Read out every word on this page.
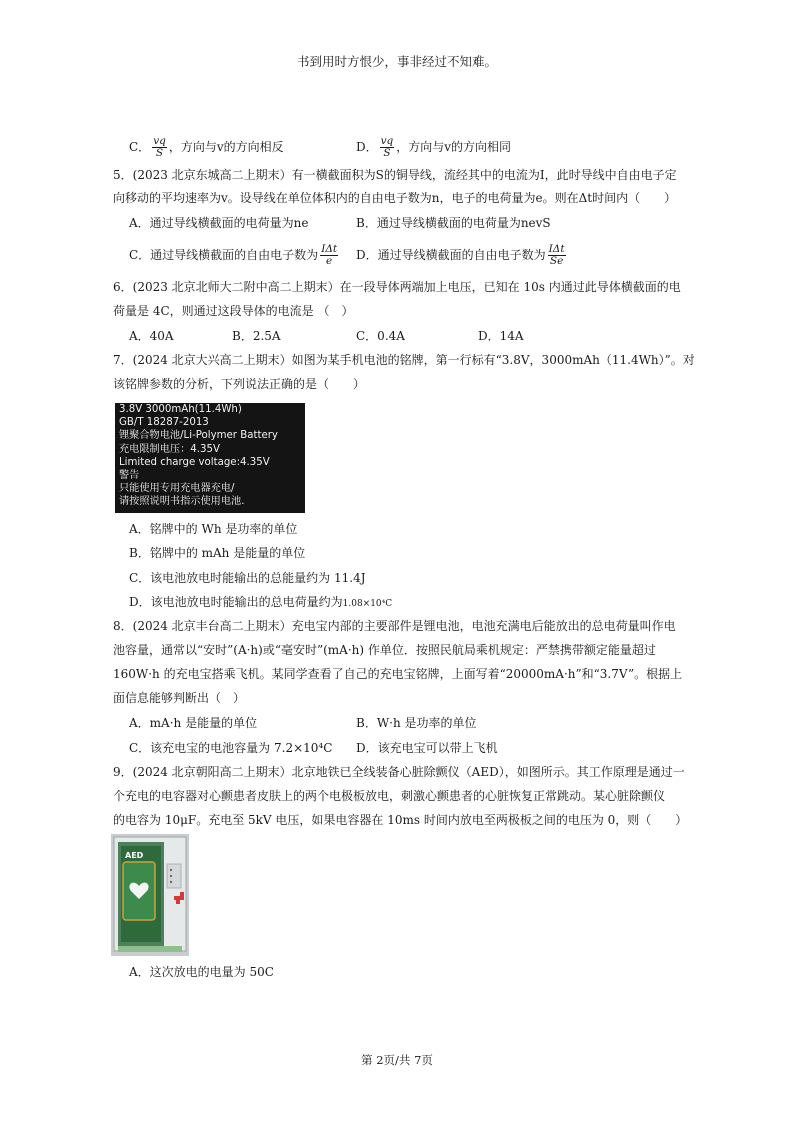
书到用时方恨少，事非经过不知难。
C． $\frac{vq}{S}$ ，方向与v的方向相反	D． $\frac{vq}{S}$ ，方向与v的方向相同
5．(2023 北京东城高二上期末）有一横截面积为S的铜导线，流经其中的电流为I，此时导线中自由电子定
向移动的平均速率为v。设导线在单位体积内的自由电子数为n，电子的电荷量为e。则在Δt时间内（　　）
A．通过导线横截面的电荷量为ne	B．通过导线横截面的电荷量为nevS
C．通过导线横截面的自由电子数为 $\frac{\text{IΔt}}{e}$ D．通过导线横截面的自由电子数为 $\frac{\text{IΔt}}{Se}$
6．(2023 北京北师大二附中高二上期末）在一段导体两端加上电压，已知在 10s 内通过此导体横截面的电
荷量是 4C，则通过这段导体的电流是 （　）
A．40A	B．2.5A	C．0.4A	D．14A
7．(2024 北京大兴高二上期末）如图为某手机电池的铭牌，第一行标有“3.8V，3000mAh（11.4Wh）”。对
该铭牌参数的分析，下列说法正确的是（　　）
3.8V 3000mAh(11.4Wh)
GB/T 18287-2013
锂聚合物电池/Li-Polymer Battery
充电限制电压：4.35V
Limited charge voltage:4.35V
警告
只能使用专用充电器充电/
请按照说明书指示使用电池.
A．铭牌中的 Wh 是功率的单位
B．铭牌中的 mAh 是能量的单位
C．该电池放电时能输出的总能量约为 11.4J
D．该电池放电时能输出的总电荷量约为1.08×10⁴C
8．(2024 北京丰台高二上期末）充电宝内部的主要部件是锂电池，电池充满电后能放出的总电荷量叫作电
池容量，通常以“安时”(A·h)或“毫安时”(mA·h) 作单位．按照民航局乘机规定：严禁携带额定能量超过
160W·h 的充电宝搭乘飞机。某同学查看了自己的充电宝铭牌，上面写着“20000mA·h”和“3.7V”。根据上
面信息能够判断出（　）
A．mA·h 是能量的单位	B．W·h 是功率的单位
C．该充电宝的电池容量为 7.2×10⁴C D．该充电宝可以带上飞机
9．(2024 北京朝阳高二上期末）北京地铁已全线装备心脏除颤仪（AED），如图所示。其工作原理是通过一
个充电的电容器对心颤患者皮肤上的两个电极板放电，刺激心颤患者的心脏恢复正常跳动。某心脏除颤仪
的电容为 10μF。充电至 5kV 电压，如果电容器在 10ms 时间内放电至两极板之间的电压为 0，则（　　）
AED
A．这次放电的电量为 50C
第 2页/共 7页
